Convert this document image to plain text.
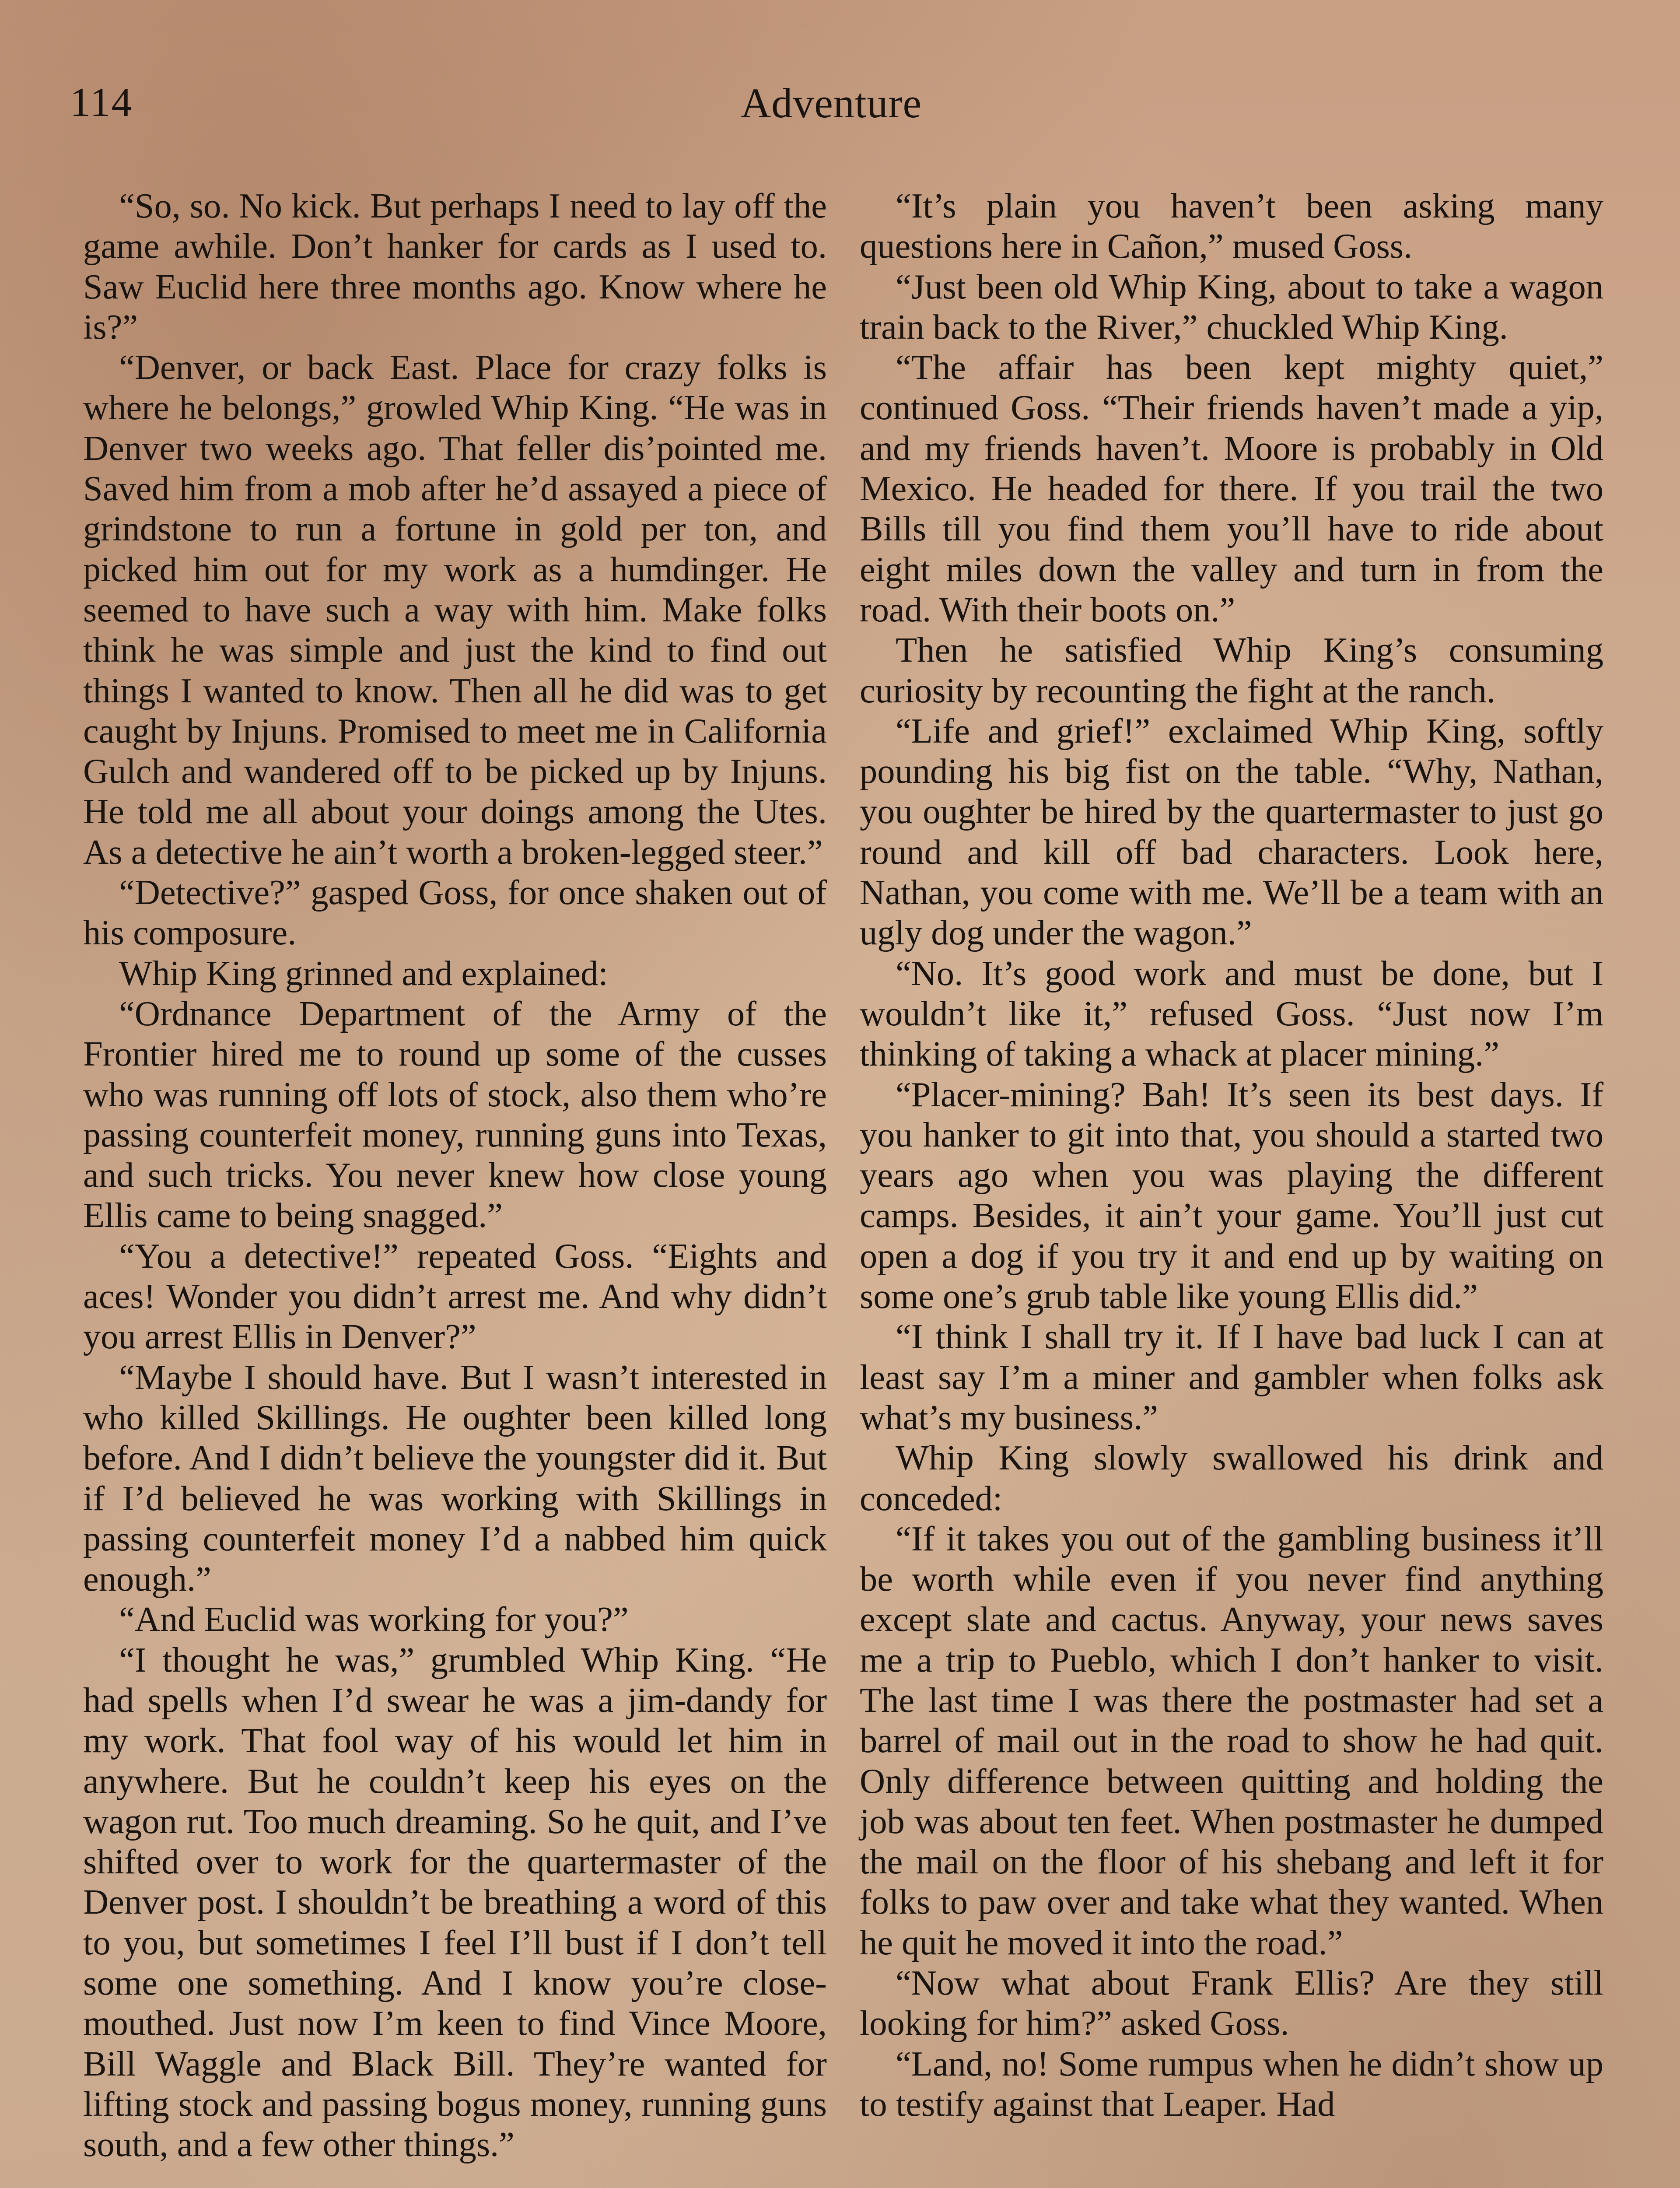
114	Adventure

“So, so. No kick. But perhaps I need to lay off the game awhile. Don’t hanker for cards as I used to. Saw Euclid here three months ago. Know where he is?”

“Denver, or back East. Place for crazy folks is where he belongs,” growled Whip King. “He was in Denver two weeks ago. That feller dis’pointed me. Saved him from a mob after he’d assayed a piece of grindstone to run a fortune in gold per ton, and picked him out for my work as a humdinger. He seemed to have such a way with him. Make folks think he was simple and just the kind to find out things I wanted to know. Then all he did was to get caught by Injuns. Promised to meet me in California Gulch and wandered off to be picked up by Injuns. He told me all about your doings among the Utes. As a detective he ain’t worth a broken-legged steer.”

“Detective?” gasped Goss, for once shaken out of his composure.

Whip King grinned and explained:

“Ordnance Department of the Army of the Frontier hired me to round up some of the cusses who was running off lots of stock, also them who’re passing counterfeit money, running guns into Texas, and such tricks. You never knew how close young Ellis came to being snagged.”

“You a detective!” repeated Goss. “Eights and aces! Wonder you didn’t arrest me. And why didn’t you arrest Ellis in Denver?”

“Maybe I should have. But I wasn’t interested in who killed Skillings. He oughter been killed long before. And I didn’t believe the youngster did it. But if I’d believed he was working with Skillings in passing counterfeit money I’d a nabbed him quick enough.”

“And Euclid was working for you?”

“I thought he was,” grumbled Whip King. “He had spells when I’d swear he was a jim-dandy for my work. That fool way of his would let him in anywhere. But he couldn’t keep his eyes on the wagon rut. Too much dreaming. So he quit, and I’ve shifted over to work for the quartermaster of the Denver post. I shouldn’t be breathing a word of this to you, but sometimes I feel I’ll bust if I don’t tell some one something. And I know you’re close-mouthed. Just now I’m keen to find Vince Moore, Bill Waggle and Black Bill. They’re wanted for lifting stock and passing bogus money, running guns south, and a few other things.”

“It’s plain you haven’t been asking many questions here in Cañon,” mused Goss.

“Just been old Whip King, about to take a wagon train back to the River,” chuckled Whip King.

“The affair has been kept mighty quiet,” continued Goss. “Their friends haven’t made a yip, and my friends haven’t. Moore is probably in Old Mexico. He headed for there. If you trail the two Bills till you find them you’ll have to ride about eight miles down the valley and turn in from the road. With their boots on.”

Then he satisfied Whip King’s consuming curiosity by recounting the fight at the ranch.

“Life and grief!” exclaimed Whip King, softly pounding his big fist on the table. “Why, Nathan, you oughter be hired by the quartermaster to just go round and kill off bad characters. Look here, Nathan, you come with me. We’ll be a team with an ugly dog under the wagon.”

“No. It’s good work and must be done, but I wouldn’t like it,” refused Goss. “Just now I’m thinking of taking a whack at placer mining.”

“Placer-mining? Bah! It’s seen its best days. If you hanker to git into that, you should a started two years ago when you was playing the different camps. Besides, it ain’t your game. You’ll just cut open a dog if you try it and end up by waiting on some one’s grub table like young Ellis did.”

“I think I shall try it. If I have bad luck I can at least say I’m a miner and gambler when folks ask what’s my business.”

Whip King slowly swallowed his drink and conceded:

“If it takes you out of the gambling business it’ll be worth while even if you never find anything except slate and cactus. Anyway, your news saves me a trip to Pueblo, which I don’t hanker to visit. The last time I was there the postmaster had set a barrel of mail out in the road to show he had quit. Only difference between quitting and holding the job was about ten feet. When postmaster he dumped the mail on the floor of his shebang and left it for folks to paw over and take what they wanted. When he quit he moved it into the road.”

“Now what about Frank Ellis? Are they still looking for him?” asked Goss.

“Land, no! Some rumpus when he didn’t show up to testify against that Leaper. Had
